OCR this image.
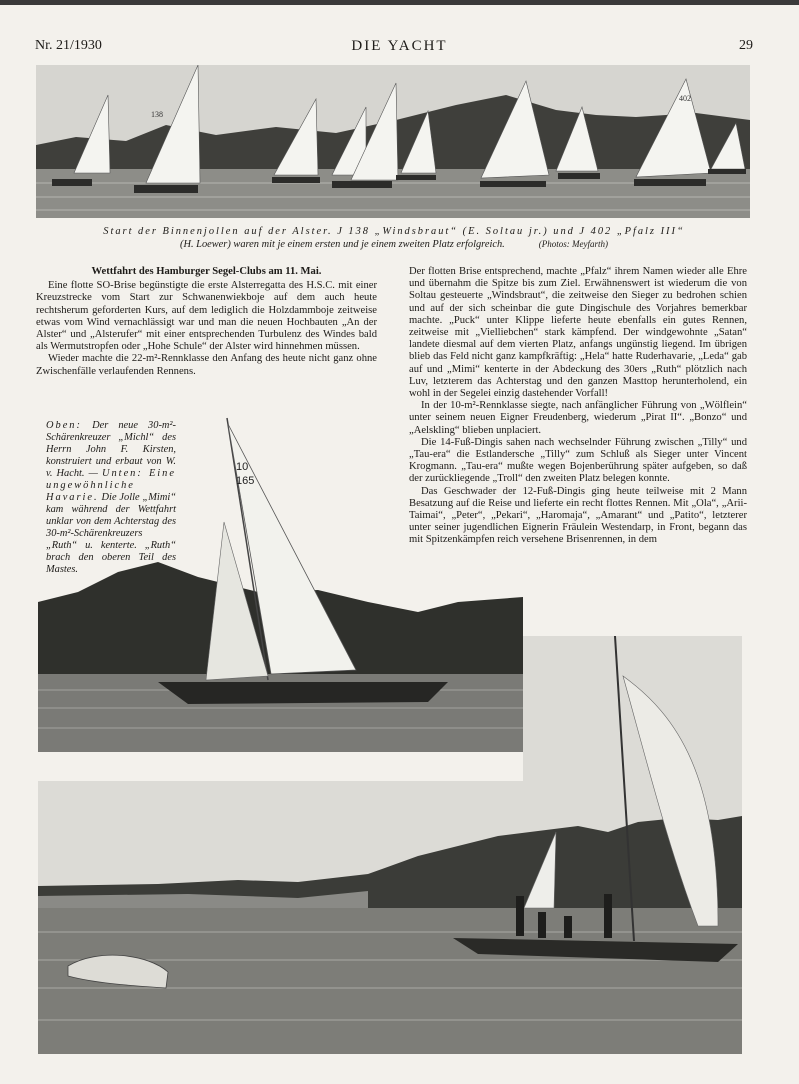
Nr. 21/1930	DIE YACHT	29
138
402
Start der Binnenjollen auf der Alster. J 138 „Windsbraut“ (E. Soltau jr.) und J 402 „Pfalz III“
(H. Loewer) waren mit je einem ersten und je einem zweiten Platz erfolgreich.	(Photos: Meyfarth)
Wettfahrt des Hamburger Segel-Clubs am 11. Mai.

Eine flotte SO-Brise begünstigte die erste Alsterregatta des H.S.C. mit einer Kreuzstrecke vom Start zur Schwanenwiekboje auf dem auch heute rechtsherum geforderten Kurs, auf dem lediglich die Holzdammboje zeitweise etwas vom Wind vernachlässigt war und man die neuen Hochbauten „An der Alster“ und „Alsterufer“ mit einer entsprechenden Turbulenz des Windes bald als Wermutstropfen oder „Hohe Schule“ der Alster wird hinnehmen müssen.

Wieder machte die 22-m²-Rennklasse den Anfang des heute nicht ganz ohne Zwischenfälle verlaufenden Rennens.

Der flotten Brise entsprechend, machte „Pfalz“ ihrem Namen wieder alle Ehre und übernahm die Spitze bis zum Ziel. Erwähnenswert ist wiederum die von Soltau gesteuerte „Windsbraut“, die zeitweise den Sieger zu bedrohen schien und auf der sich scheinbar die gute Dingischule des Vorjahres bemerkbar machte. „Puck“ unter Klippe lieferte heute ebenfalls ein gutes Rennen, zeitweise mit „Vielliebchen“ stark kämpfend. Der windgewohnte „Satan“ landete diesmal auf dem vierten Platz, anfangs ungünstig liegend. Im übrigen blieb das Feld nicht ganz kampfkräftig: „Hela“ hatte Ruderhavarie, „Leda“ gab auf und „Mimi“ kenterte in der Abdeckung des 30ers „Ruth“ plötzlich nach Luv, letzterem das Achterstag und den ganzen Masttop herunterholend, ein wohl in der Segelei einzig dastehender Vorfall!

In der 10-m²-Rennklasse siegte, nach anfänglicher Führung von „Wölflein“ unter seinem neuen Eigner Freudenberg, wiederum „Pirat II“. „Bonzo“ und „Aelskling“ blieben unplaciert.

Die 14-Fuß-Dingis sahen nach wechselnder Führung zwischen „Tilly“ und „Tau-era“ die Estlandersche „Tilly“ zum Schluß als Sieger unter Vincent Krogmann. „Tau-era“ mußte wegen Bojenberührung später aufgeben, so daß der zurückliegende „Troll“ den zweiten Platz belegen konnte.

Das Geschwader der 12-Fuß-Dingis ging heute teilweise mit 2 Mann Besatzung auf die Reise und lieferte ein recht flottes Rennen. Mit „Ola“, „Arii-Taimai“, „Peter“, „Pekari“, „Haromaja“, „Amarant“ und „Patito“, letzterer unter seiner jugendlichen Eignerin Fräulein Westendarp, in Front, begann das mit Spitzenkämpfen reich versehene Brisenrennen, in dem

10
165
Oben: Der neue 30-m²-Schärenkreuzer „Michl“ des Herrn John F. Kirsten, konstruiert und erbaut von W. v. Hacht. — Unten: Eine ungewöhnliche Havarie. Die Jolle „Mimi“ kam während der Wettfahrt unklar von dem Achterstag des 30-m²-Schärenkreuzers „Ruth“ u. kenterte. „Ruth“ brach den oberen Teil des Mastes.
